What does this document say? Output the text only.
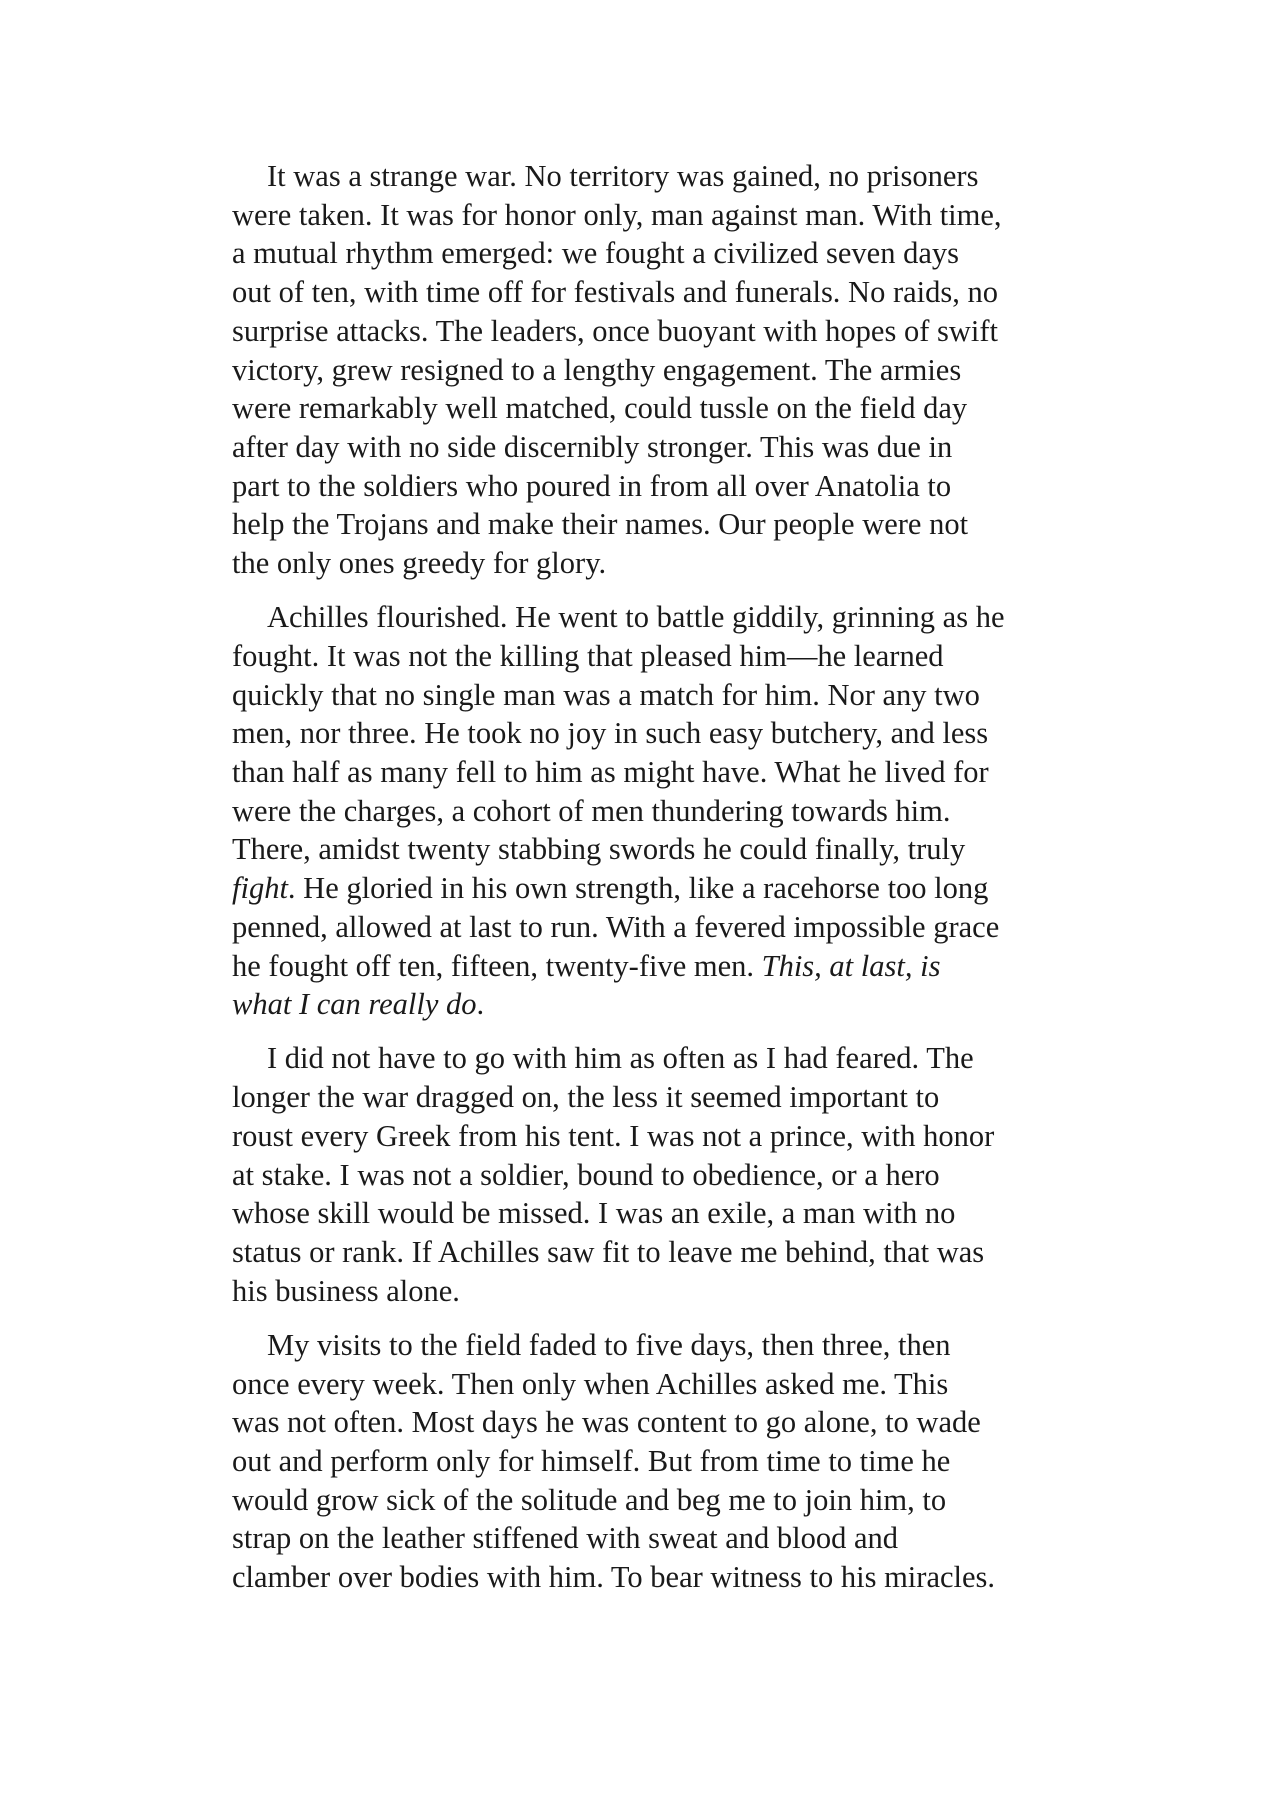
It was a strange war. No territory was gained, no prisoners
were taken. It was for honor only, man against man. With time,
a mutual rhythm emerged: we fought a civilized seven days
out of ten, with time off for festivals and funerals. No raids, no
surprise attacks. The leaders, once buoyant with hopes of swift
victory, grew resigned to a lengthy engagement. The armies
were remarkably well matched, could tussle on the field day
after day with no side discernibly stronger. This was due in
part to the soldiers who poured in from all over Anatolia to
help the Trojans and make their names. Our people were not
the only ones greedy for glory.

Achilles flourished. He went to battle giddily, grinning as he
fought. It was not the killing that pleased him—he learned
quickly that no single man was a match for him. Nor any two
men, nor three. He took no joy in such easy butchery, and less
than half as many fell to him as might have. What he lived for
were the charges, a cohort of men thundering towards him.
There, amidst twenty stabbing swords he could finally, truly
fight. He gloried in his own strength, like a racehorse too long
penned, allowed at last to run. With a fevered impossible grace
he fought off ten, fifteen, twenty-five men. This, at last, is
what I can really do.

I did not have to go with him as often as I had feared. The
longer the war dragged on, the less it seemed important to
roust every Greek from his tent. I was not a prince, with honor
at stake. I was not a soldier, bound to obedience, or a hero
whose skill would be missed. I was an exile, a man with no
status or rank. If Achilles saw fit to leave me behind, that was
his business alone.

My visits to the field faded to five days, then three, then
once every week. Then only when Achilles asked me. This
was not often. Most days he was content to go alone, to wade
out and perform only for himself. But from time to time he
would grow sick of the solitude and beg me to join him, to
strap on the leather stiffened with sweat and blood and
clamber over bodies with him. To bear witness to his miracles.
